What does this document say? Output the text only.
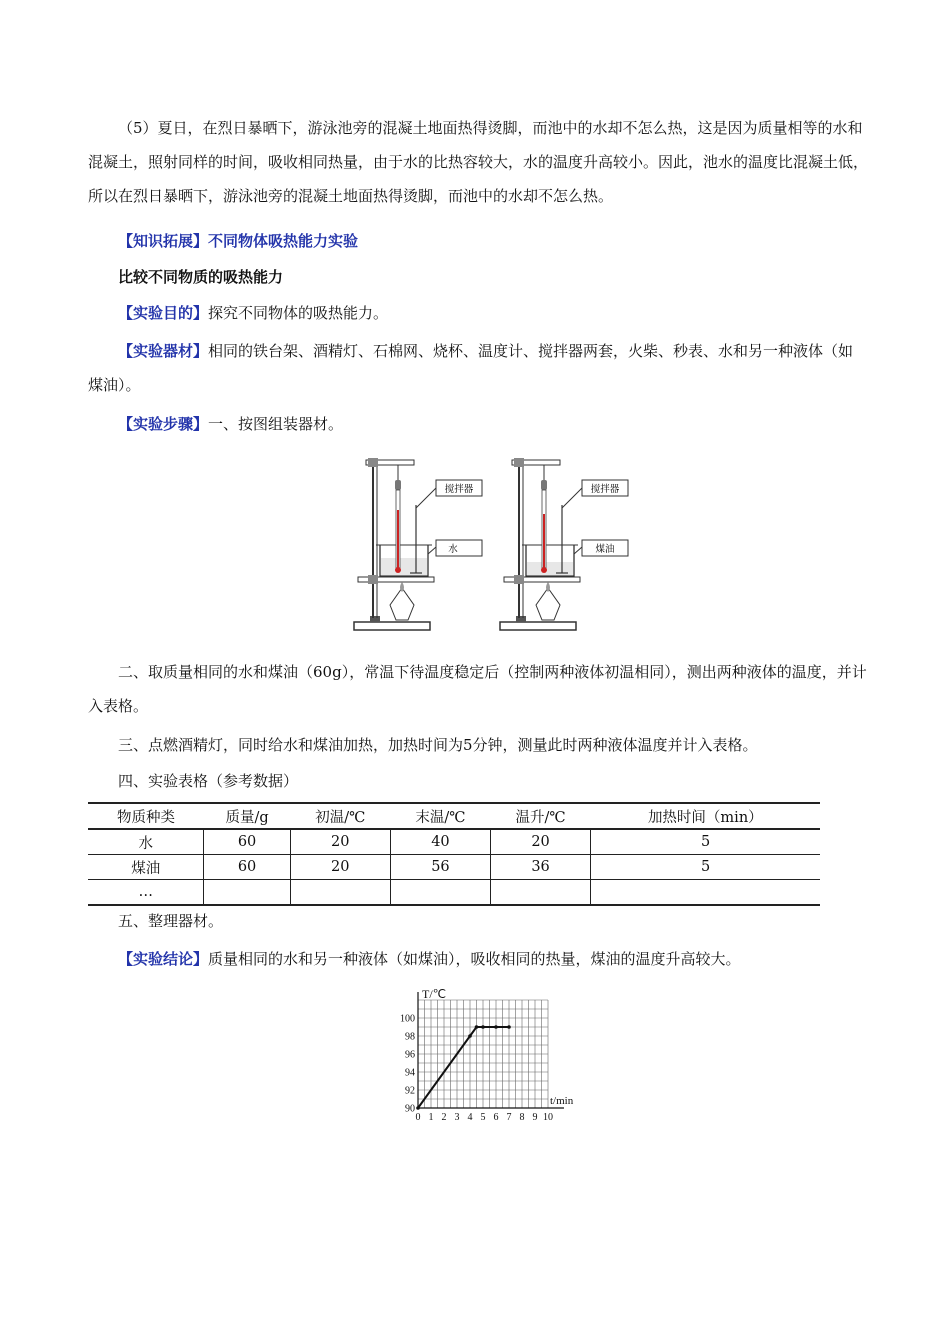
（5）夏日，在烈日暴晒下，游泳池旁的混凝土地面热得烫脚，而池中的水却不怎么热，这是因为质量相等的水和混凝土，照射同样的时间，吸收相同热量，由于水的比热容较大，水的温度升高较小。因此，池水的温度比混凝土低，所以在烈日暴晒下，游泳池旁的混凝土地面热得烫脚，而池中的水却不怎么热。
【知识拓展】不同物体吸热能力实验
比较不同物质的吸热能力
【实验目的】探究不同物体的吸热能力。
【实验器材】相同的铁台架、酒精灯、石棉网、烧杯、温度计、搅拌器两套，火柴、秒表、水和另一种液体（如煤油）。
【实验步骤】一、按图组装器材。
搅拌器
水
搅拌器
煤油
二、取质量相同的水和煤油（60g），常温下待温度稳定后（控制两种液体初温相同），测出两种液体的温度，并计入表格。
三、点燃酒精灯，同时给水和煤油加热，加热时间为5分钟，测量此时两种液体温度并计入表格。
四、实验表格（参考数据）
物质种类	质量/g	初温/℃	末温/℃	温升/℃	加热时间（min）
水	60	20	40	20	5
煤油	60	20	56	36	5
…					
五、整理器材。
【实验结论】质量相同的水和另一种液体（如煤油），吸收相同的热量，煤油的温度升高较大。
90
92
94
96
98
100
0 1 2 3 4 5 6 7 8 9 10
T/℃
t/min
